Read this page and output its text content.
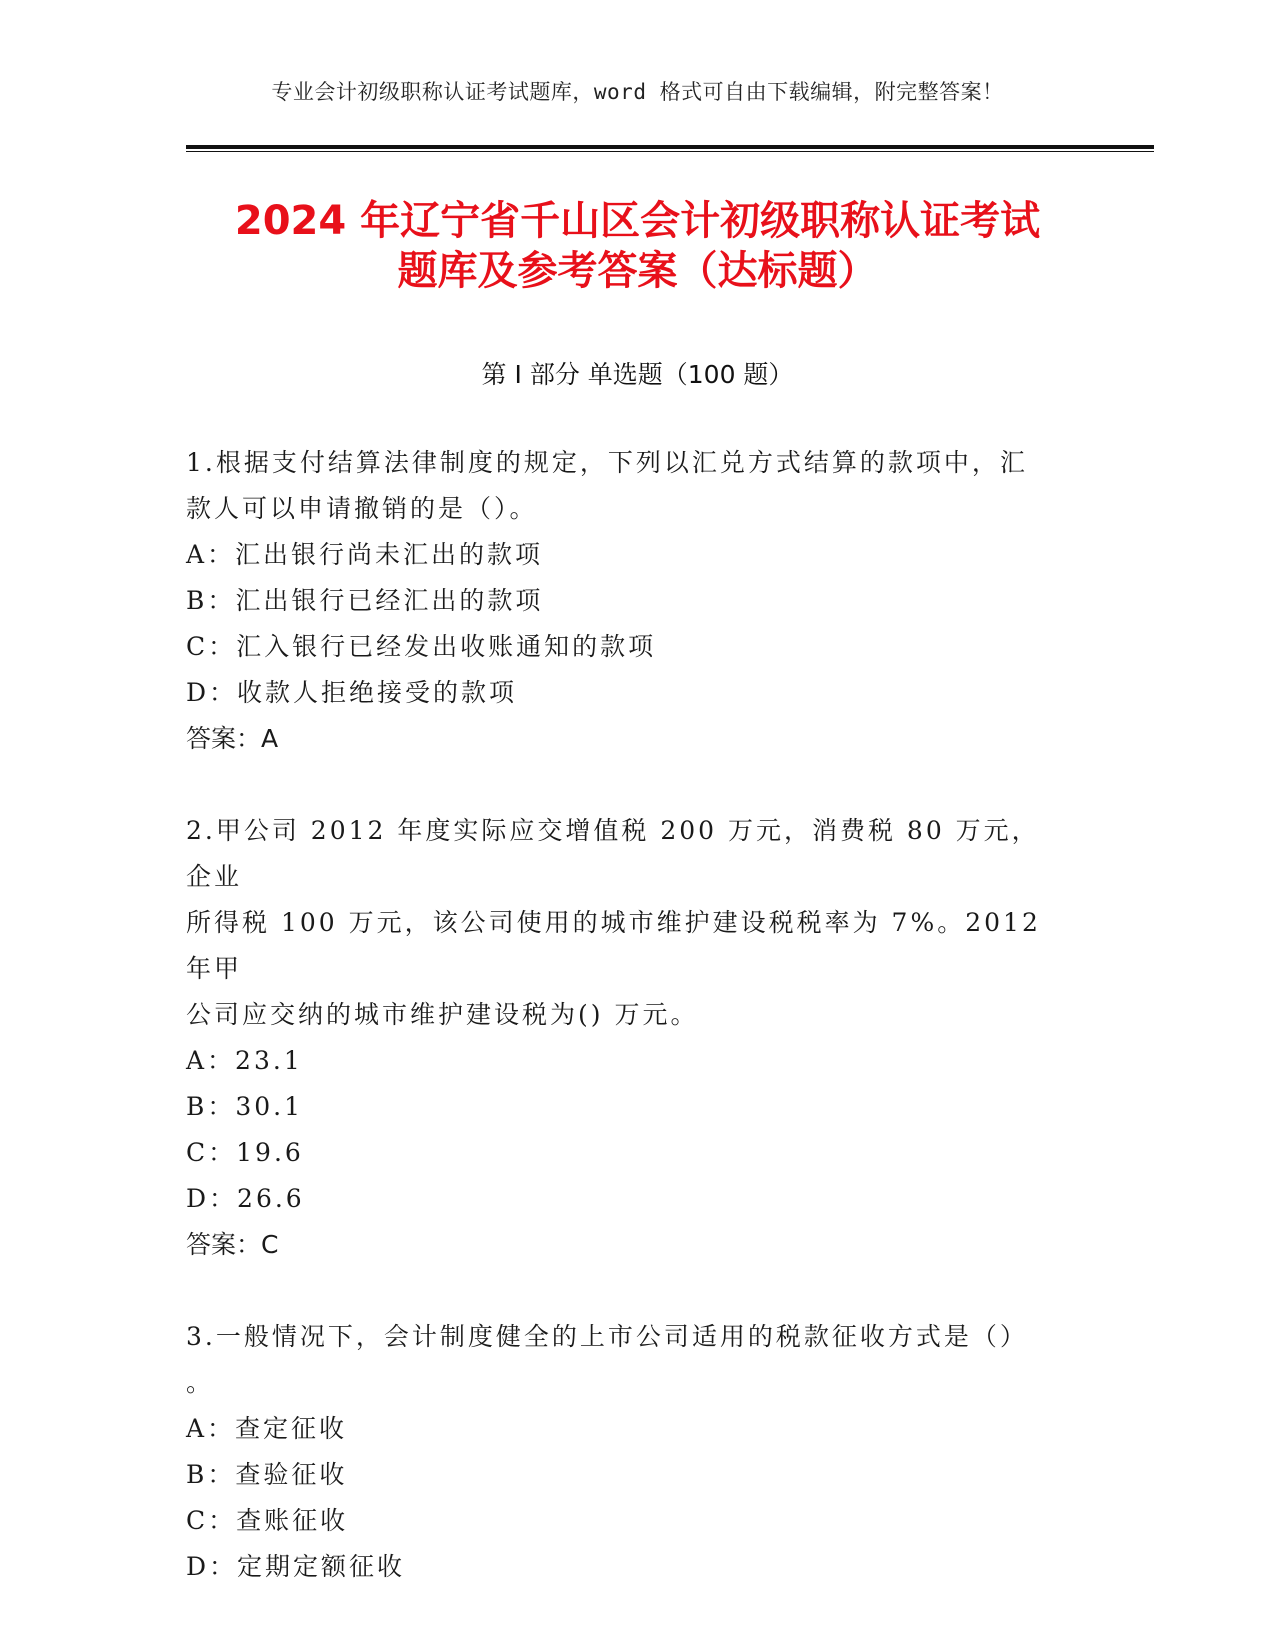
专业会计初级职称认证考试题库，word 格式可自由下载编辑，附完整答案！
2024 年辽宁省千山区会计初级职称认证考试
题库及参考答案（达标题）
第 I 部分 单选题（100 题）

1.根据支付结算法律制度的规定，下列以汇兑方式结算的款项中，汇

款人可以申请撤销的是（）。

A：汇出银行尚未汇出的款项

B：汇出银行已经汇出的款项

C：汇入银行已经发出收账通知的款项

D：收款人拒绝接受的款项

答案：A

2.甲公司 2012 年度实际应交增值税 200 万元，消费税 80 万元，企业

所得税 100 万元，该公司使用的城市维护建设税税率为 7%。2012 年甲

公司应交纳的城市维护建设税为() 万元。

A：23.1

B：30.1

C：19.6

D：26.6

答案：C

3.一般情况下，会计制度健全的上市公司适用的税款征收方式是（）

。

A：查定征收

B：查验征收

C：查账征收

D：定期定额征收
